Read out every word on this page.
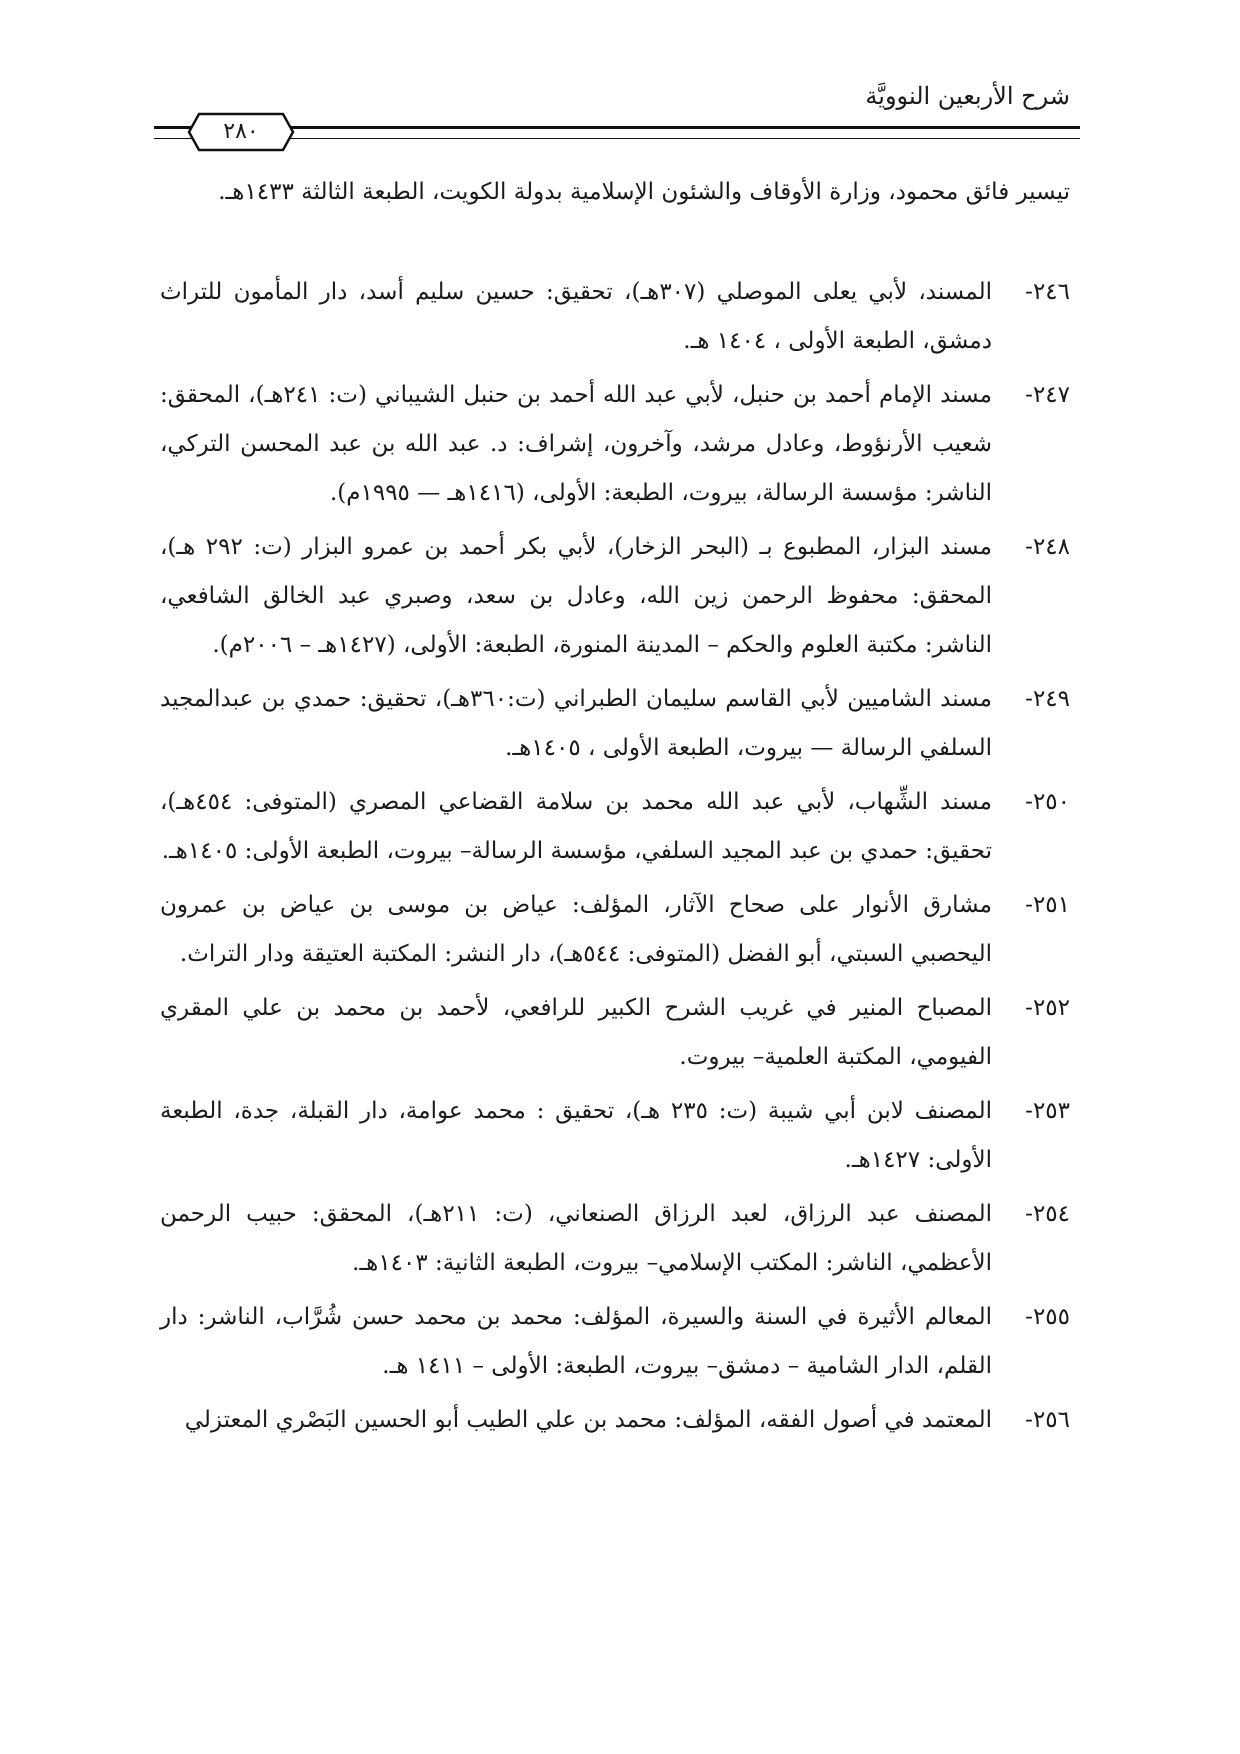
شرح الأربعين النوويَّة
٢٨٠
تيسير فائق محمود، وزارة الأوقاف والشئون الإسلامية بدولة الكويت، الطبعة الثالثة ١٤٣٣هـ.
٢٤٦-
المسند، لأبي يعلى الموصلي (٣٠٧هـ)، تحقيق: حسين سليم أسد، دار المأمون للتراث دمشق، الطبعة الأولى ، ١٤٠٤ هـ.
٢٤٧-
مسند الإمام أحمد بن حنبل، لأبي عبد الله أحمد بن حنبل الشيباني (ت: ٢٤١هـ)، المحقق: شعيب الأرنؤوط، وعادل مرشد، وآخرون، إشراف: د. عبد الله بن عبد المحسن التركي، الناشر: مؤسسة الرسالة، بيروت، الطبعة: الأولى، (١٤١٦هـ — ١٩٩٥م).
٢٤٨-
مسند البزار، المطبوع بـ (البحر الزخار)، لأبي بكر أحمد بن عمرو البزار (ت: ٢٩٢ هـ)، المحقق: محفوظ الرحمن زين الله، وعادل بن سعد، وصبري عبد الخالق الشافعي، الناشر: مكتبة العلوم والحكم – المدينة المنورة، الطبعة: الأولى، (١٤٢٧هـ – ٢٠٠٦م).
٢٤٩-
مسند الشاميين لأبي القاسم سليمان الطبراني (ت:٣٦٠هـ)، تحقيق: حمدي بن عبدالمجيد السلفي الرسالة — بيروت، الطبعة الأولى ، ١٤٠٥هـ.
٢٥٠-
مسند الشِّهاب، لأبي عبد الله محمد بن سلامة القضاعي المصري (المتوفى: ٤٥٤هـ)، تحقيق: حمدي بن عبد المجيد السلفي، مؤسسة الرسالة– بيروت، الطبعة الأولى: ١٤٠٥هـ.
٢٥١-
مشارق الأنوار على صحاح الآثار، المؤلف: عياض بن موسى بن عياض بن عمرون اليحصبي السبتي، أبو الفضل (المتوفى: ٥٤٤هـ)، دار النشر: المكتبة العتيقة ودار التراث.
٢٥٢-
المصباح المنير في غريب الشرح الكبير للرافعي، لأحمد بن محمد بن علي المقري الفيومي، المكتبة العلمية– بيروت.
٢٥٣-
المصنف لابن أبي شيبة (ت: ٢٣٥ هـ)، تحقيق : محمد عوامة، دار القبلة، جدة، الطبعة الأولى: ١٤٢٧هـ.
٢٥٤-
المصنف عبد الرزاق، لعبد الرزاق الصنعاني، (ت: ٢١١هـ)، المحقق: حبيب الرحمن الأعظمي، الناشر: المكتب الإسلامي– بيروت، الطبعة الثانية: ١٤٠٣هـ.
٢٥٥-
المعالم الأثيرة في السنة والسيرة، المؤلف: محمد بن محمد حسن شُرَّاب، الناشر: دار القلم، الدار الشامية – دمشق– بيروت، الطبعة: الأولى – ١٤١١ هـ.
٢٥٦-
المعتمد في أصول الفقه، المؤلف: محمد بن علي الطيب أبو الحسين البَصْري المعتزلي
